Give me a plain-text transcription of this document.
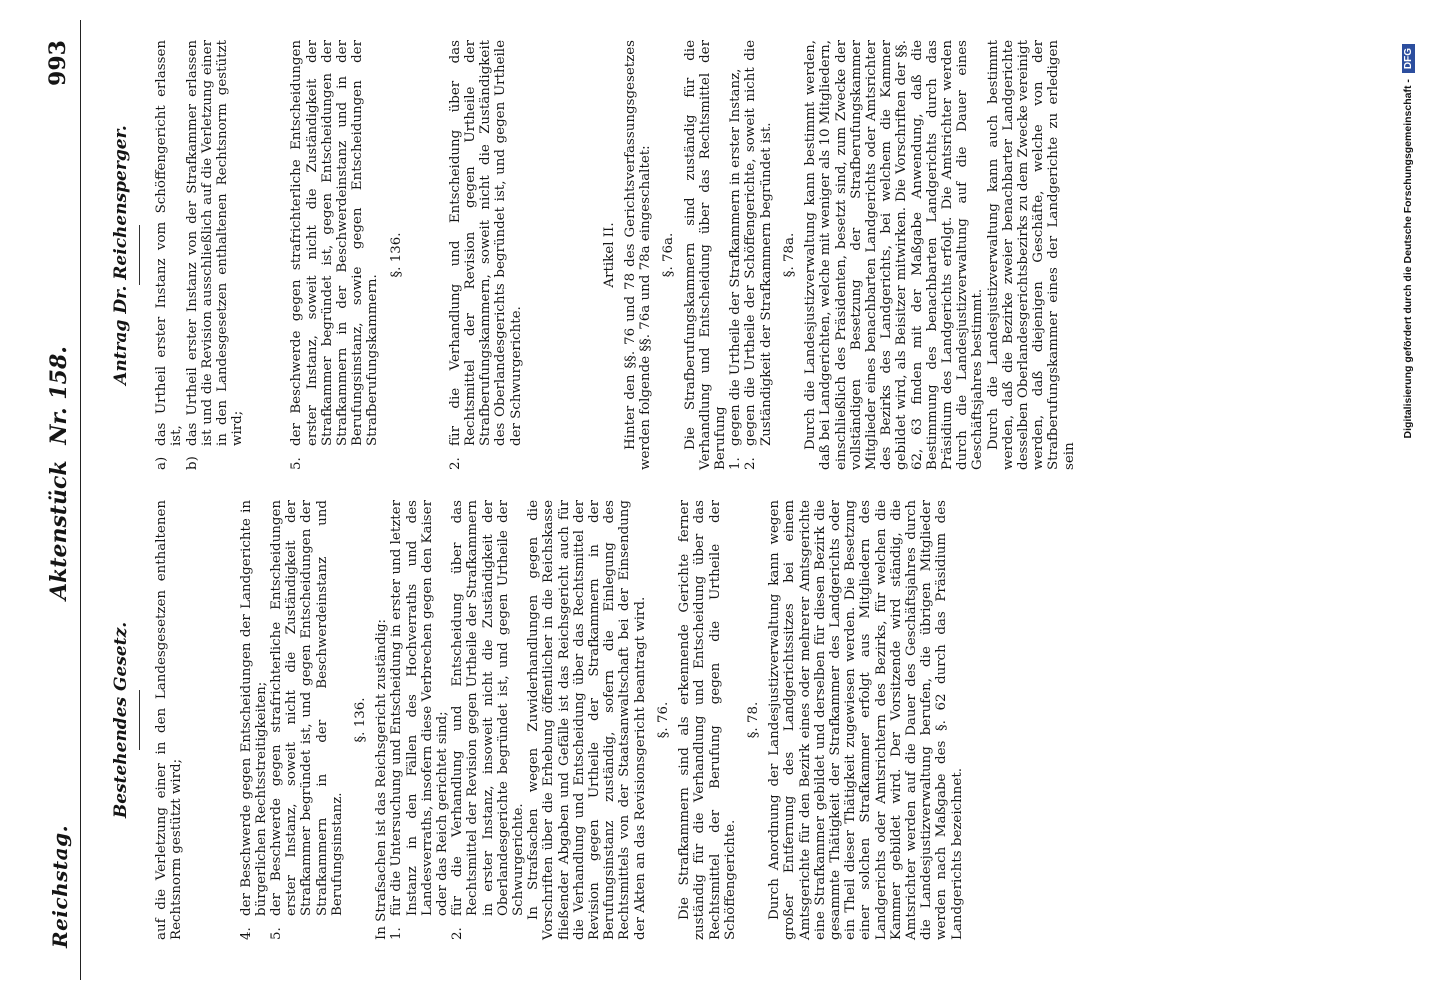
Reichstag.
Aktenstück Nr. 158.
993
Bestehendes Gesetz. auf die Verletzung einer in den Landesgesetzen enthaltenen Rechtsnorm gestützt wird;	4.
der Beschwerde gegen Entscheidungen der Landgerichte in bürgerlichen Rechtsstreitigkeiten;
5.
der Beschwerde gegen strafrichterliche Entscheidungen erster Instanz, soweit nicht die Zuständigkeit der Strafkammer begründet ist, und gegen Entscheidungen der Strafkammern in der Beschwerdeinstanz und Berufungsinstanz.
§. 136. In Strafsachen ist das Reichsgericht zuständig: 1.
für die Untersuchung und Entscheidung in erster und letzter Instanz in den Fällen des Hochverraths und des Landesverraths, insofern diese Verbrechen gegen den Kaiser oder das Reich gerichtet sind;
2.
für die Verhandlung und Entscheidung über das Rechtsmittel der Revision gegen Urtheile der Strafkammern in erster Instanz, insoweit nicht die Zuständigkeit der Oberlandesgerichte begründet ist, und gegen Urtheile der Schwurgerichte. In Strafsachen wegen Zuwiderhandlungen gegen die Vorschriften über die Erhebung öffentlicher in die Reichskasse fließender Abgaben und Gefälle ist das Reichsgericht auch für die Verhandlung und Entscheidung über das Rechtsmittel der Revision gegen Urtheile der Strafkammern in der Berufungsinstanz zuständig, sofern die Einlegung des Rechtsmittels von der Staatsanwaltschaft bei der Einsendung der Akten an das Revisionsgericht beantragt wird. §. 76. Die Strafkammern sind als erkennende Gerichte ferner zuständig für die Verhandlung und Entscheidung über das Rechtsmittel der Berufung gegen die Urtheile der Schöffengerichte.

§. 78. Durch Anordnung der Landesjustizverwaltung kann wegen großer Entfernung des Landgerichtssitzes bei einem Amtsgerichte für den Bezirk eines oder mehrerer Amtsgerichte eine Strafkammer gebildet und derselben für diesen Bezirk die gesammte Thätigkeit der Strafkammer des Landgerichts oder ein Theil dieser Thätigkeit zugewiesen werden. Die Besetzung einer solchen Strafkammer erfolgt aus Mitgliedern des Landgerichts oder Amtsrichtern des Bezirks, für welchen die Kammer gebildet wird. Der Vorsitzende wird ständig, die Amtsrichter werden auf die Dauer des Geschäftsjahres durch die Landesjustizverwaltung berufen, die übrigen Mitglieder werden nach Maßgabe des §. 62 durch das Präsidium des Landgerichts bezeichnet.

Antrag Dr. Reichensperger.
a)
das Urtheil erster Instanz vom Schöffengericht erlassen ist,
b)
das Urtheil erster Instanz von der Strafkammer erlassen ist und die Revision ausschließlich auf die Verletzung einer in den Landesgesetzen enthaltenen Rechtsnorm gestützt wird;
5.
der Beschwerde gegen strafrichterliche Entscheidungen erster Instanz, soweit nicht die Zuständigkeit der Strafkammer begründet ist, gegen Entscheidungen der Strafkammern in der Beschwerdeinstanz und in der Berufungsinstanz, sowie gegen Entscheidungen der Strafberufungskammern.
§. 136.
2.
für die Verhandlung und Entscheidung über das Rechtsmittel der Revision gegen Urtheile der Strafberufungskammern, soweit nicht die Zuständigkeit des Oberlandesgerichts begründet ist, und gegen Urtheile der Schwurgerichte.
Artikel II. Hinter den §§. 76 und 78 des Gerichtsverfassungsgesetzes werden folgende §§. 76a und 78a eingeschaltet: §. 76a. Die Strafberufungskammern sind zuständig für die Verhandlung und Entscheidung über das Rechtsmittel der Berufung 1.
gegen die Urtheile der Strafkammern in erster Instanz,
2.
gegen die Urtheile der Schöffengerichte, soweit nicht die Zuständigkeit der Strafkammern begründet ist. §. 78a. Durch die Landesjustizverwaltung kann bestimmt werden, daß bei Landgerichten, welche mit weniger als 10 Mitgliedern, einschließlich des Präsidenten, besetzt sind, zum Zwecke der vollständigen Besetzung der Strafberufungskammer Mitglieder eines benachbarten Landgerichts oder Amtsrichter des Bezirks des Landgerichts, bei welchem die Kammer gebildet wird, als Beisitzer mitwirken. Die Vorschriften der §§. 62, 63 finden mit der Maßgabe Anwendung, daß die Bestimmung des benachbarten Landgerichts durch das Präsidium des Landgerichts erfolgt. Die Amtsrichter werden durch die Landesjustizverwaltung auf die Dauer eines Geschäftsjahres bestimmt. Durch die Landesjustizverwaltung kann auch bestimmt werden, daß die Bezirke zweier benachbarter Landgerichte desselben Oberlandesgerichtsbezirks zu dem Zwecke vereinigt werden, daß diejenigen Geschäfte, welche von der Strafberufungskammer eines der Landgerichte zu erledigen sein

Digitalisierung gefördert durch die Deutsche Forschungsgemeinschaft -DFG
